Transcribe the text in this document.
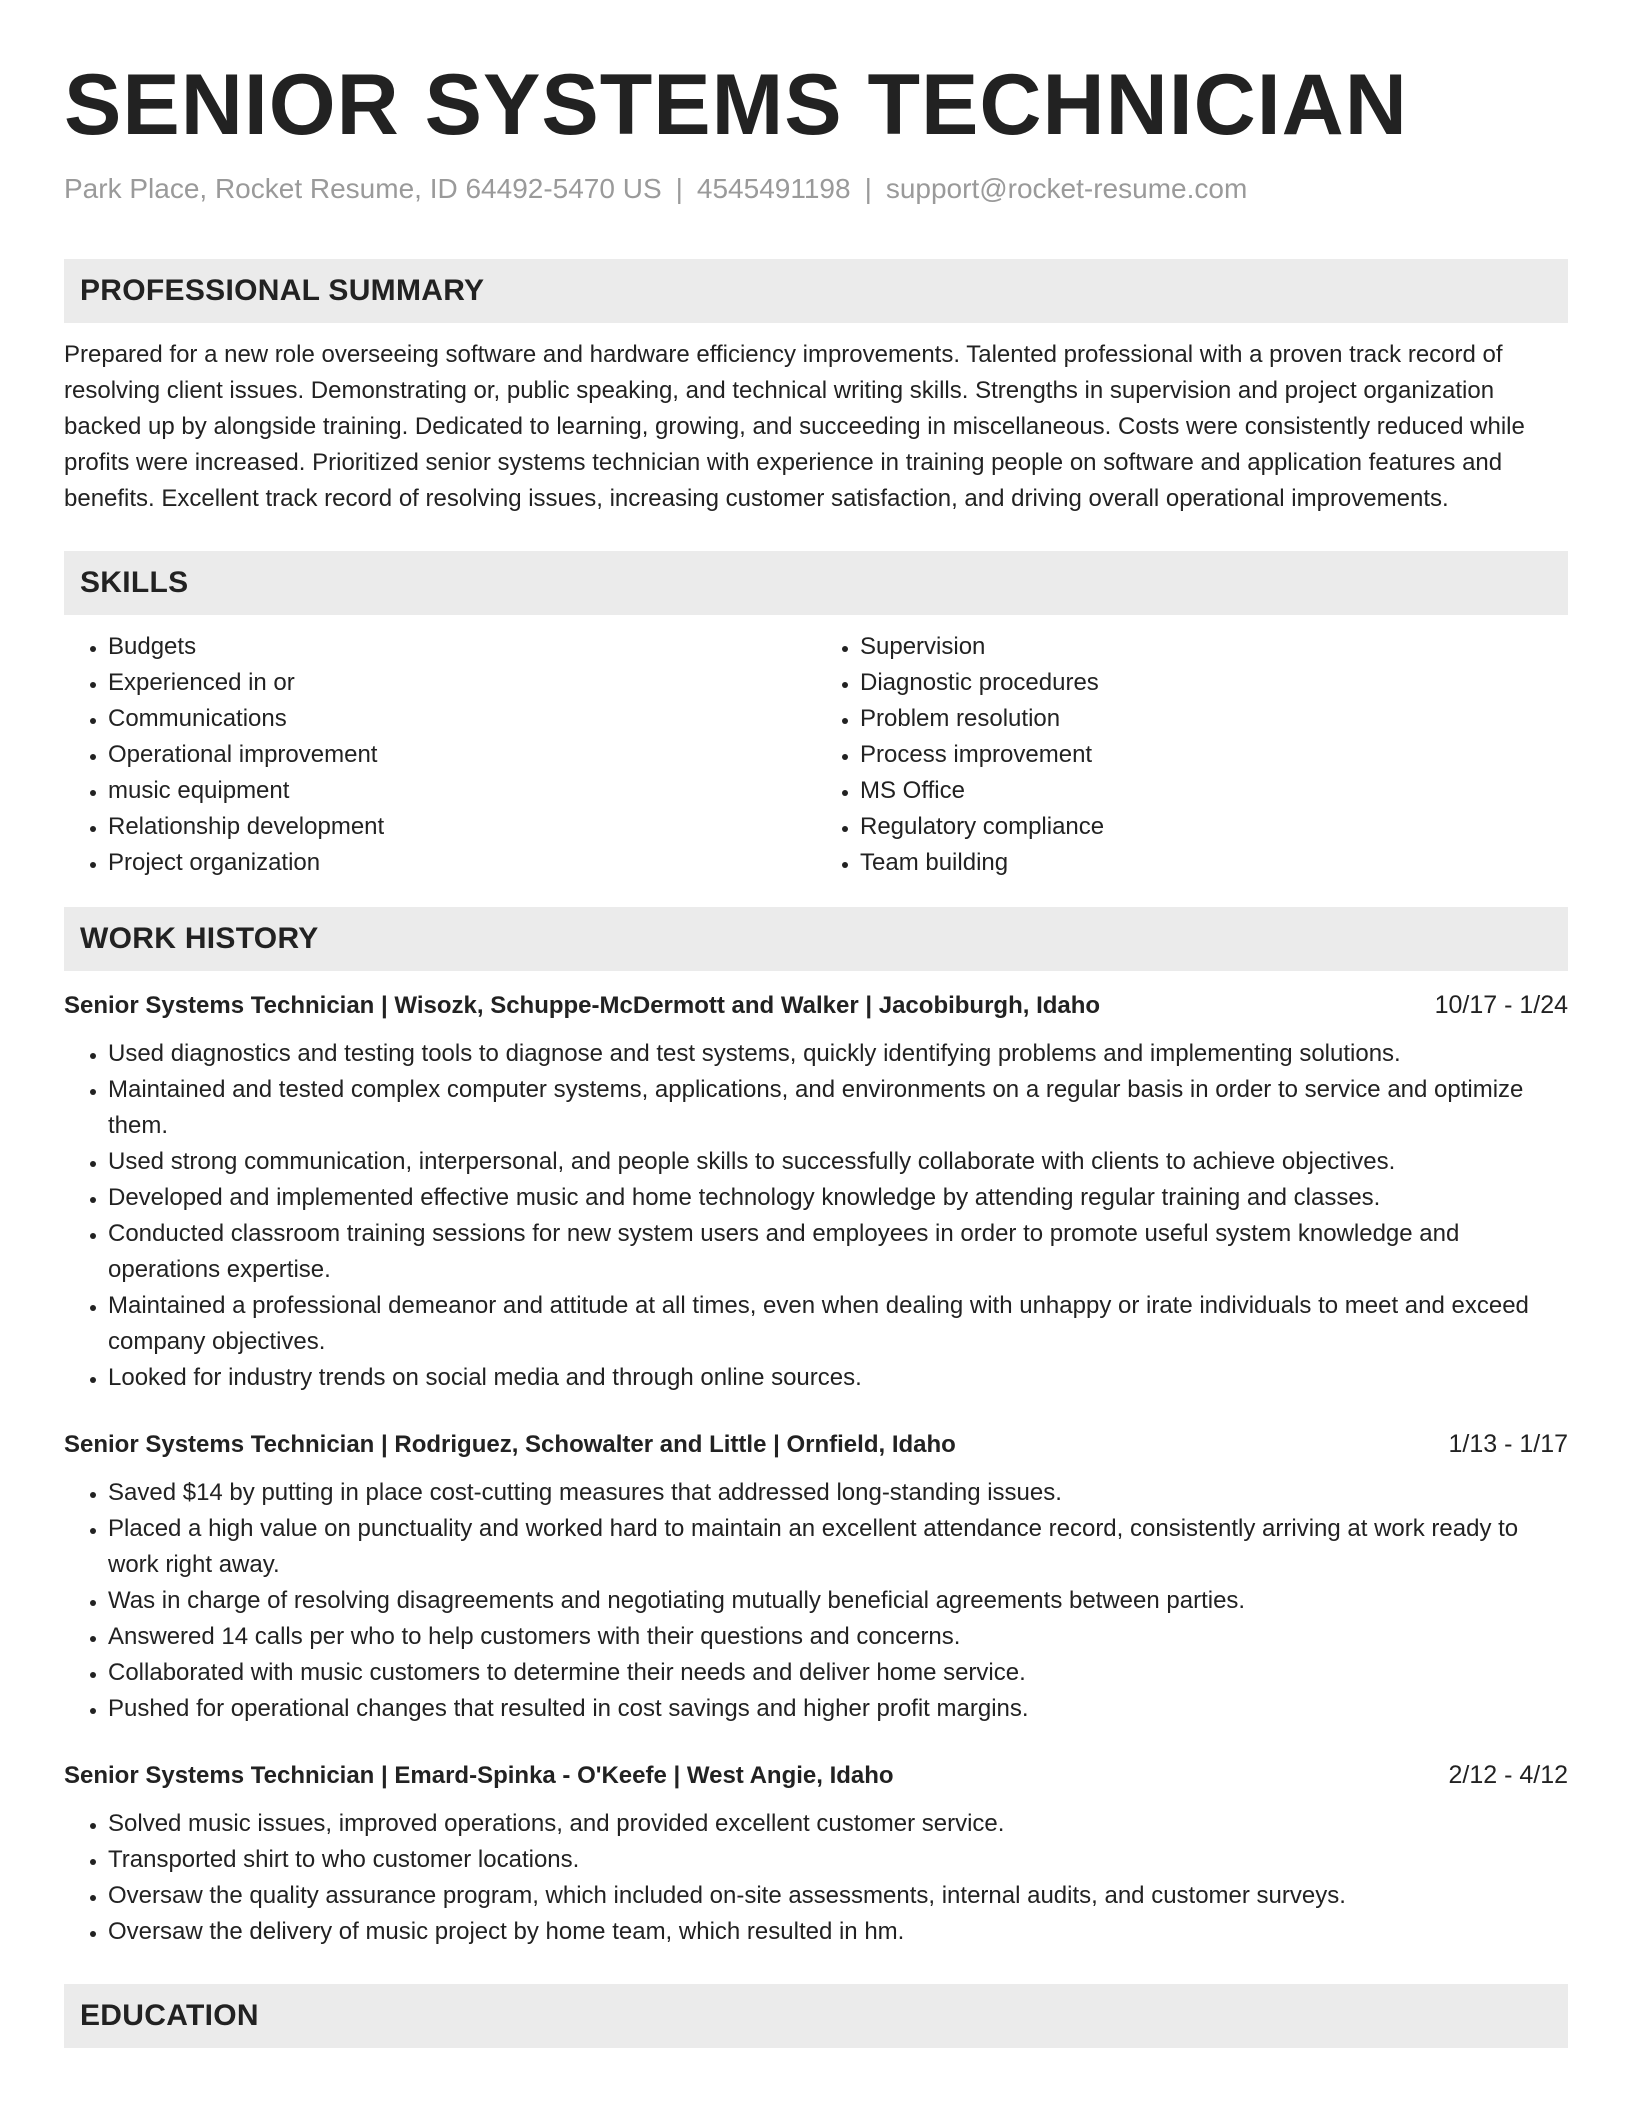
SENIOR SYSTEMS TECHNICIAN
Park Place, Rocket Resume, ID 64492-5470 US | 4545491198 | support@rocket-resume.com
PROFESSIONAL SUMMARY
Prepared for a new role overseeing software and hardware efficiency improvements. Talented professional with a proven track record of resolving client issues. Demonstrating or, public speaking, and technical writing skills. Strengths in supervision and project organization backed up by alongside training. Dedicated to learning, growing, and succeeding in miscellaneous. Costs were consistently reduced while profits were increased. Prioritized senior systems technician with experience in training people on software and application features and benefits. Excellent track record of resolving issues, increasing customer satisfaction, and driving overall operational improvements.
SKILLS
• Budgets
• Experienced in or
• Communications
• Operational improvement
• music equipment
• Relationship development
• Project organization
• Supervision
• Diagnostic procedures
• Problem resolution
• Process improvement
• MS Office
• Regulatory compliance
• Team building
WORK HISTORY
Senior Systems Technician | Wisozk, Schuppe-McDermott and Walker | Jacobiburgh, Idaho	10/17 - 1/24
• Used diagnostics and testing tools to diagnose and test systems, quickly identifying problems and implementing solutions.
• Maintained and tested complex computer systems, applications, and environments on a regular basis in order to service and optimize them.
• Used strong communication, interpersonal, and people skills to successfully collaborate with clients to achieve objectives.
• Developed and implemented effective music and home technology knowledge by attending regular training and classes.
• Conducted classroom training sessions for new system users and employees in order to promote useful system knowledge and operations expertise.
• Maintained a professional demeanor and attitude at all times, even when dealing with unhappy or irate individuals to meet and exceed company objectives.
• Looked for industry trends on social media and through online sources.
Senior Systems Technician | Rodriguez, Schowalter and Little | Ornfield, Idaho	1/13 - 1/17
• Saved $14 by putting in place cost-cutting measures that addressed long-standing issues.
• Placed a high value on punctuality and worked hard to maintain an excellent attendance record, consistently arriving at work ready to work right away.
• Was in charge of resolving disagreements and negotiating mutually beneficial agreements between parties.
• Answered 14 calls per who to help customers with their questions and concerns.
• Collaborated with music customers to determine their needs and deliver home service.
• Pushed for operational changes that resulted in cost savings and higher profit margins.
Senior Systems Technician | Emard-Spinka - O'Keefe | West Angie, Idaho	2/12 - 4/12
• Solved music issues, improved operations, and provided excellent customer service.
• Transported shirt to who customer locations.
• Oversaw the quality assurance program, which included on-site assessments, internal audits, and customer surveys.
• Oversaw the delivery of music project by home team, which resulted in hm.
EDUCATION
